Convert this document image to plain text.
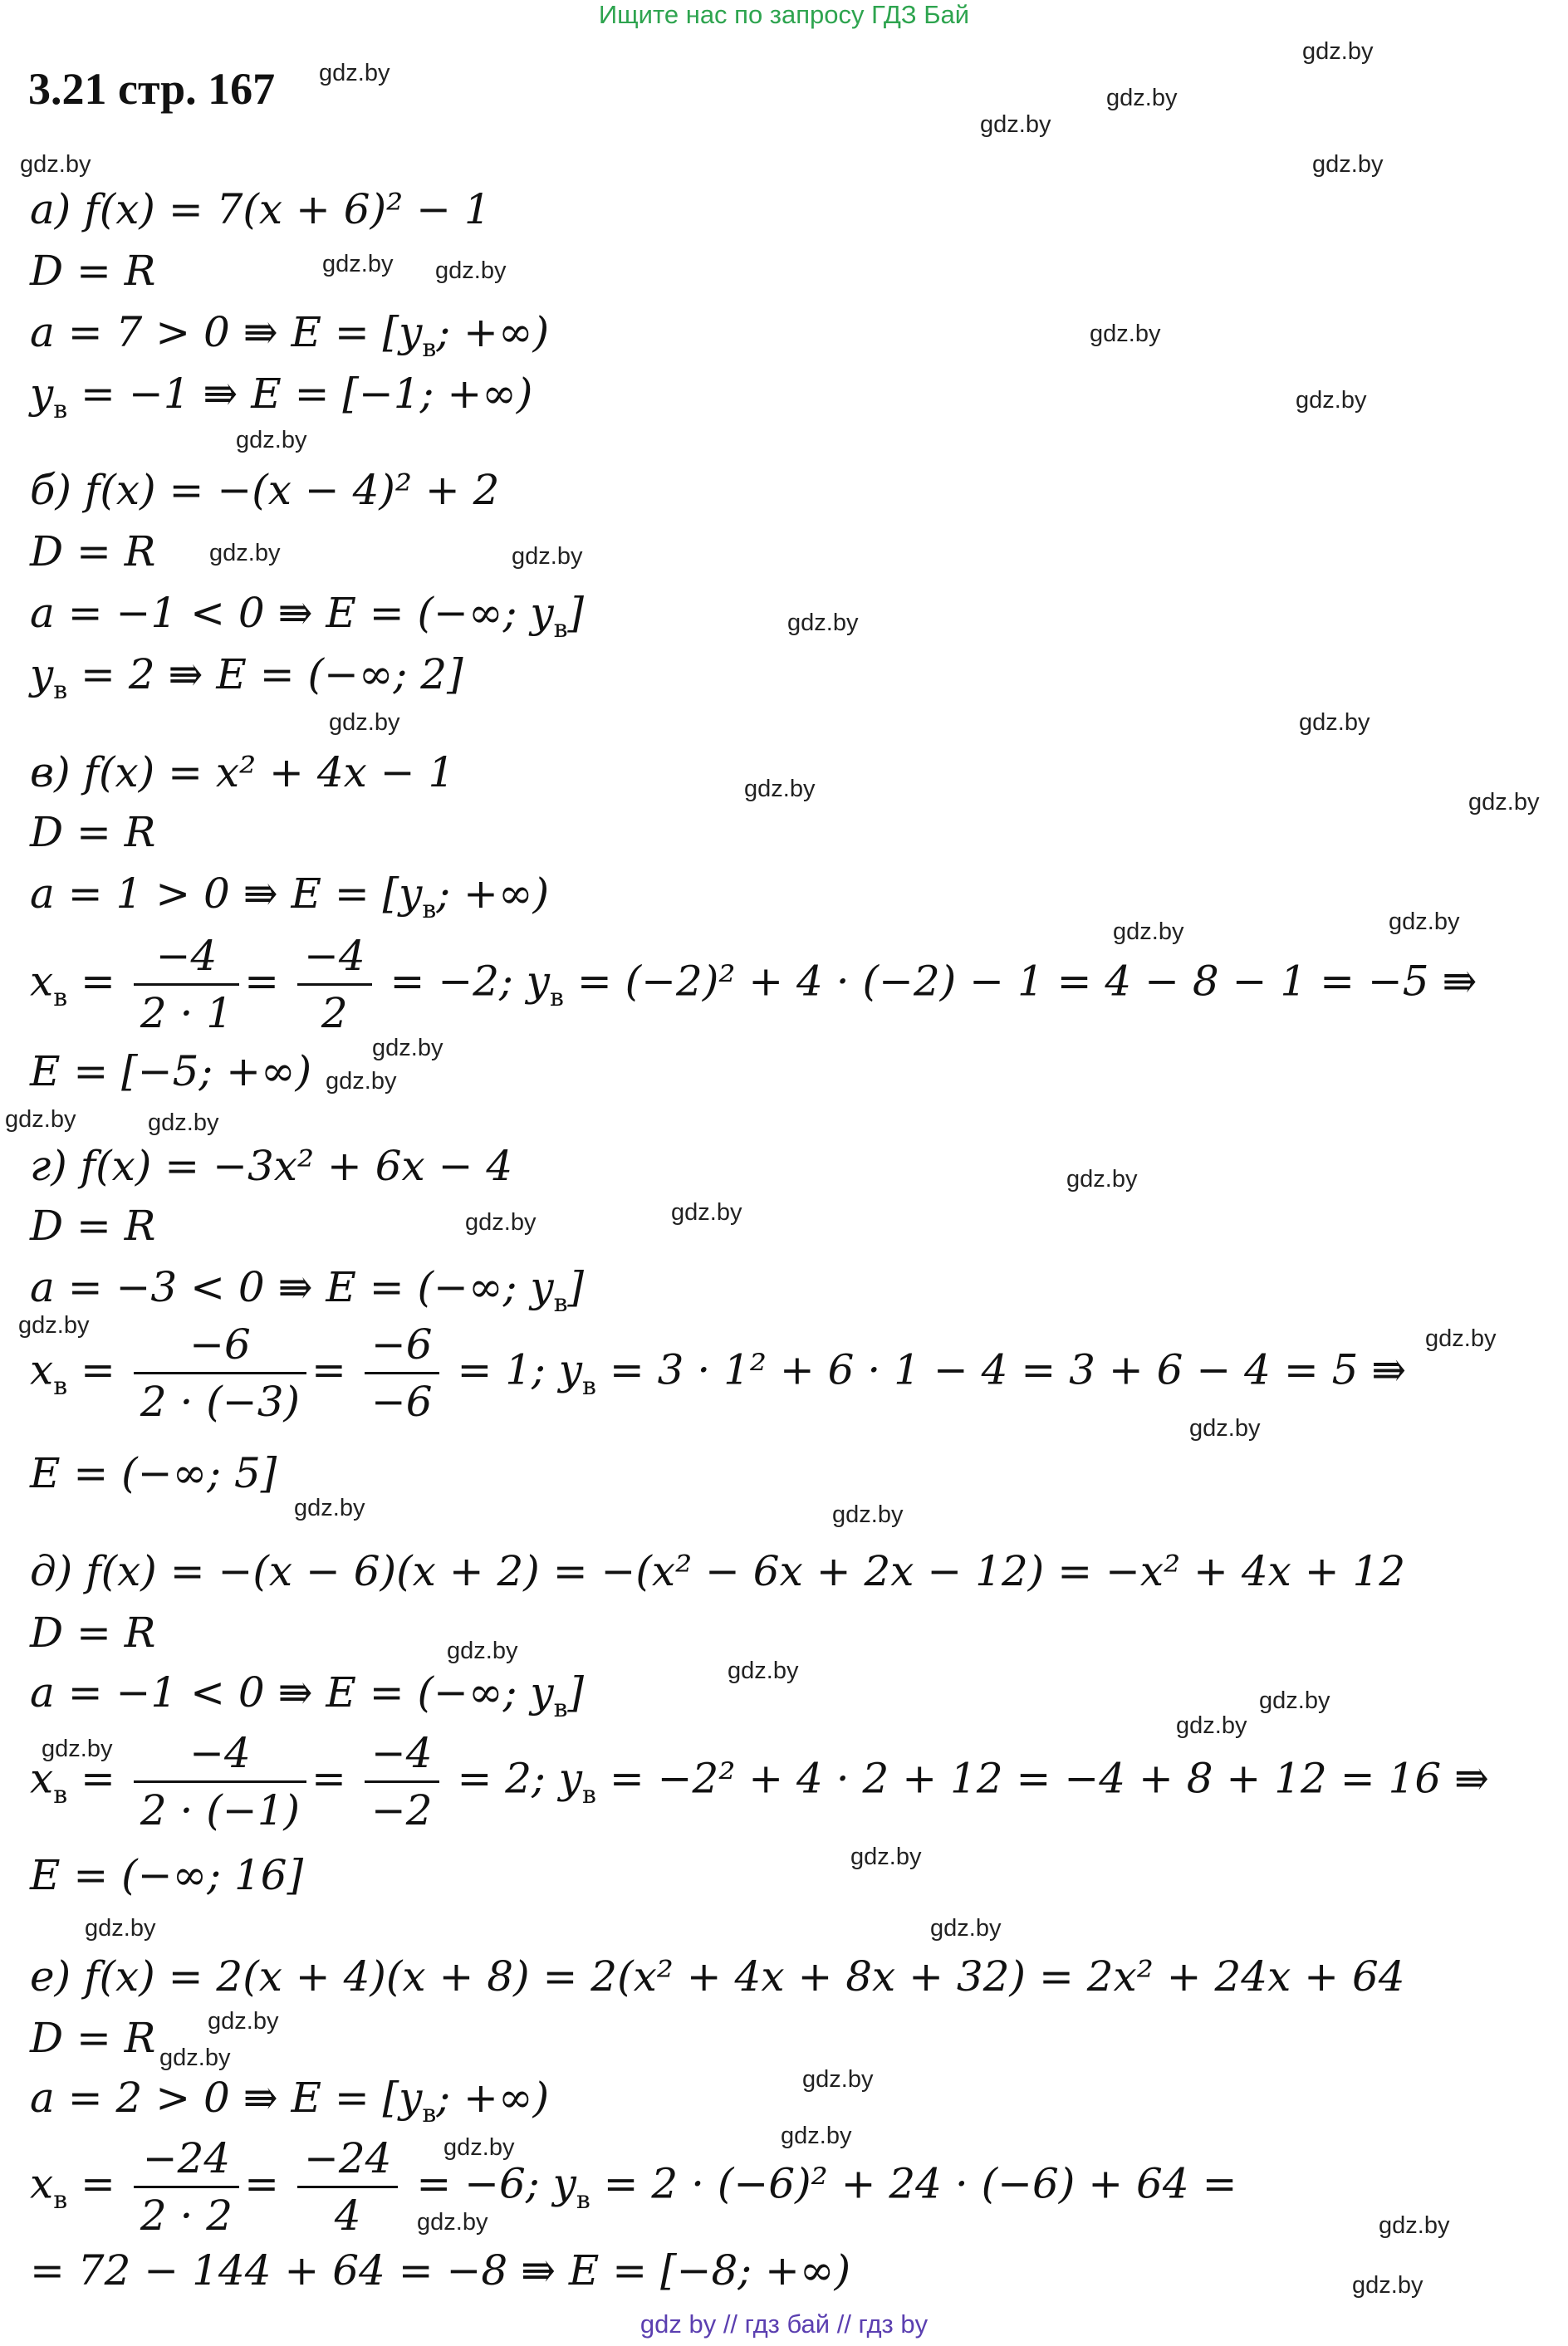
Ищите нас по запросу ГДЗ Бай
3.21 стр. 167
а) f(x) = 7(x + 6)² − 1
D = R
a = 7 > 0 ⇛ $E = [y_в$; +∞)
$y_в = -1$ ⇛ E = [−1; +∞)
б) f(x) = −(x − 4)² + 2
D = R
a = −1 < 0 ⇛ E = (−∞; $y_в$]
$y_в = 2$ ⇛ E = (−∞; 2]
в) f(x) = x² + 4x − 1
D = R
a = 1 > 0 ⇛ $E = [y_в$; +∞)
$x_в = \frac{-4}{2 \cdot 1} = \frac{-4}{2} = -2$; $y_в = (-2)^2 + 4 \cdot (-2) - 1 = 4 - 8 - 1 = -5$ ⇛
E = [−5; +∞)
г) f(x) = −3x² + 6x − 4
D = R
a = −3 < 0 ⇛ E = (−∞; $y_в$]
$x_в = \frac{-6}{2 \cdot (-3)} = \frac{-6}{-6} = 1$; $y_в = 3 \cdot 1^2 + 6 \cdot 1 - 4 = 3 + 6 - 4 = 5$ ⇛
E = (−∞; 5]
д) f(x) = −(x − 6)(x + 2) = −(x² − 6x + 2x − 12) = −x² + 4x + 12
D = R
a = −1 < 0 ⇛ E = (−∞; $y_в$]
$x_в = \frac{-4}{2 \cdot (-1)} = \frac{-4}{-2} = 2$; $y_в = -2^2 + 4 \cdot 2 + 12 = -4 + 8 + 12 = 16$ ⇛
E = (−∞; 16]
е) f(x) = 2(x + 4)(x + 8) = 2(x² + 4x + 8x + 32) = 2x² + 24x + 64
D = R
a = 2 > 0 ⇛ $E = [y_в$; +∞)
$x_в = \frac{-24}{2 \cdot 2} = \frac{-24}{4} = -6$; $y_в = 2 \cdot (-6)^2 + 24 \cdot (-6) + 64$ =
= 72 − 144 + 64 = −8 ⇛ E = [−8; +∞)
gdz.by
gdz.by
gdz.by
gdz.by
gdz.by	gdz.by
gdz.by gdz.by
gdz.by
gdz.by
gdz.by
gdz.by	gdz.by
gdz.by
gdz.by	gdz.by
gdz.by	gdz.by
gdz.by
gdz.by
gdz.by
gdz.by
gdz.by	gdz.by
gdz.by
gdz.by
gdz.by
gdz.by	gdz.by
gdz.by
gdz.by	gdz.by
gdz.by
gdz.by
gdz.by
gdz.by
gdz.by
gdz.by
gdz.by	gdz.by
gdz.by
gdz.by
gdz.by
gdz.by
gdz.by
gdz.by	gdz.by
gdz.by
gdz by // гдз бай // гдз by
